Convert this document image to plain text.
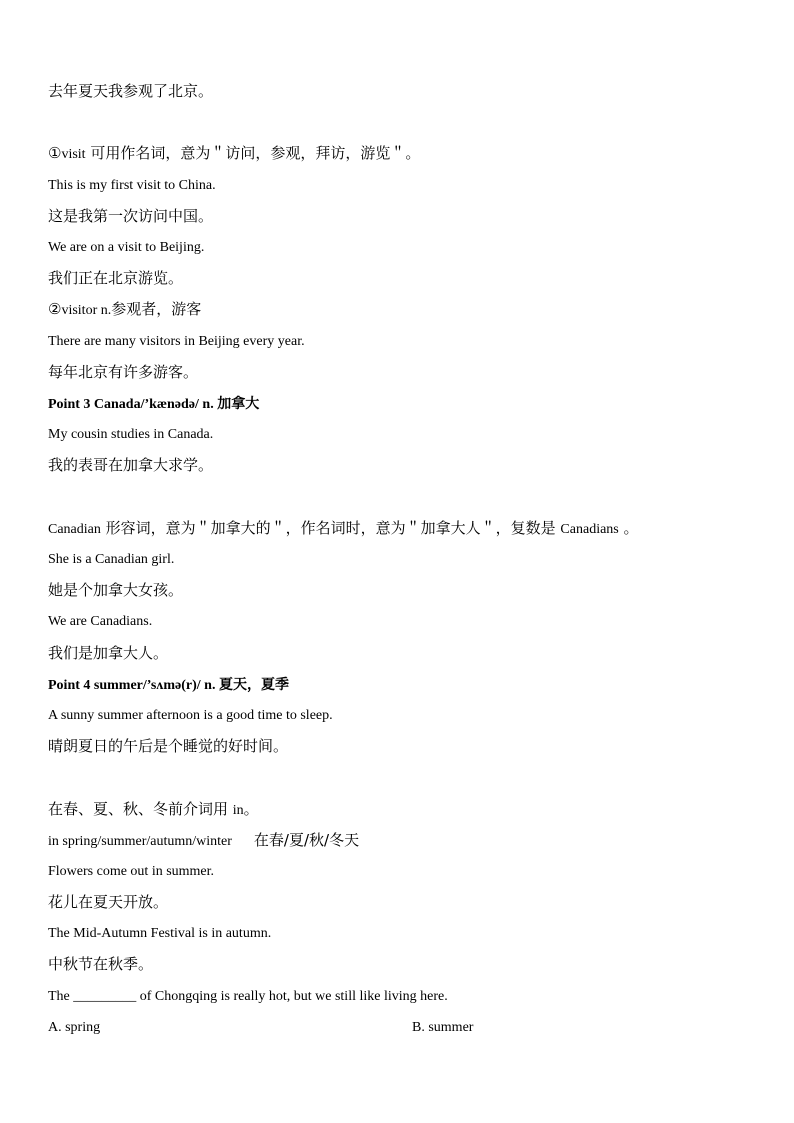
去年夏天我参观了北京。
①visit 可用作名词，意为＂访问，参观，拜访，游览＂。
This is my first visit to China.
这是我第一次访问中国。
We are on a visit to Beijing.
我们正在北京游览。
②visitor n.参观者，游客
There are many visitors in Beijing every year.
每年北京有许多游客。
Point 3 Canada/’kænədə/ n. 加拿大
My cousin studies in Canada.
我的表哥在加拿大求学。
Canadian 形容词，意为＂加拿大的＂，作名词时，意为＂加拿大人＂，复数是 Canadians 。
She is a Canadian girl.
她是个加拿大女孩。
We are Canadians.
我们是加拿大人。
Point 4 summer/’sʌmə(r)/ n. 夏天，夏季
A sunny summer afternoon is a good time to sleep.
晴朗夏日的午后是个睡觉的好时间。
在春、夏、秋、冬前介词用 in。
in spring/summer/autumn/winter 在春/夏/秋/冬天
Flowers come out in summer.
花儿在夏天开放。
The Mid-Autumn Festival is in autumn.
中秋节在秋季。
The _________ of Chongqing is really hot, but we still like living here.
A. spring	B. summer
